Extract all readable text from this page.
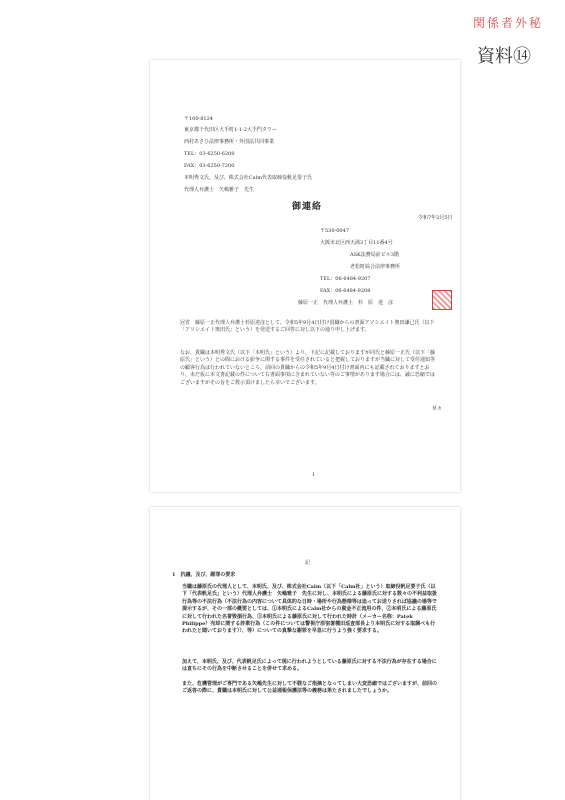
関係者外秘
資料⑭
〒100-8124
東京都千代田区大手町1-1-2大手門タワー
西村あさひ法律事務所・外国法共同事業
TEL：03-6250-6200
FAX：03-6250-7200
本明秀文氏、及び、株式会社Calm代表取締役帆足要子氏
代理人弁護士　矢嶋雅子　先生
御連絡
令和7年2月5日
〒530-0047
大阪市北区西天満3丁目11番4号
ASK法務局前ビル3階
老松町綜合法律事務所
TEL：06-6484-9207
FAX：06-6484-9208
藤原一正　代理人弁護士　杉　原　達　彦
冠省　藤原一正代理人弁護士杉原達彦として、令和5年9月4日付け貴職からの書面アソシエイト奥田謙己氏（以下「アソシエイト奥田氏」という）を発送するご回答に対し以下の通り申し上げます。
なお、貴職は本明秀文氏（以下「本明氏」という）より、下記に記載しておりますが同氏と藤原一正氏（以下「藤原氏」という）との間における紛争に関する事件を受任されていると把握しておりますが当職に対して受任通知等の顧客行為は行われていないところ、前回の貴職からの令和5年9月4日付け書面内にも記載されておりますとおり、未だ仮に本文書記載の件について右書面事項に含まれていない等のご事情があります場合には、誠に恐縮ではございますがその旨をご教示頂けましたら幸いでございます。
草々
1
記
1　抗議、及び、謝罪の要求
当職は藤原氏の代理人として、本明氏、及び、株式会社Calm（以下「Calm社」という）取締役帆足要子氏（以下「代表帆足氏」という）代理人弁護士　矢嶋雅子　先生に対し、本明氏による藤原氏に対する数々の不利益取扱行為等の不法行為（不法行為の内容について具体的な日時・場所や行為態様等は追ってお送りされば協議の場等で提示するが、その一部の概要としては、①本明氏によるCalm社からの資金不正流用の件、②本明氏による藤原氏に対して行われた名誉毀損行為、③本明氏による藤原氏に対して行われた時計（メーカー名称：Patek Philippe）売却に関する詐欺行為（この件については警視庁原宿署種田巡査部長より本明氏に対する取調べも行われたと聞いております））、等）についての真摯な謝罪を早急に行うよう強く要求する。
加えて、本明氏、及び、代表帆足氏によって現に行われようとしている藤原氏に対する不法行為が存在する場合には直ちにその行為を中断させることを併せて求める。
また、危機管理がご専門である矢嶋先生に対して不躾なご指摘となってしまい大変恐縮ではございますが、前回のご返答の際に、貴職は本明氏に対して公益通報保護法等の義務は果たされましたでしょうか。
